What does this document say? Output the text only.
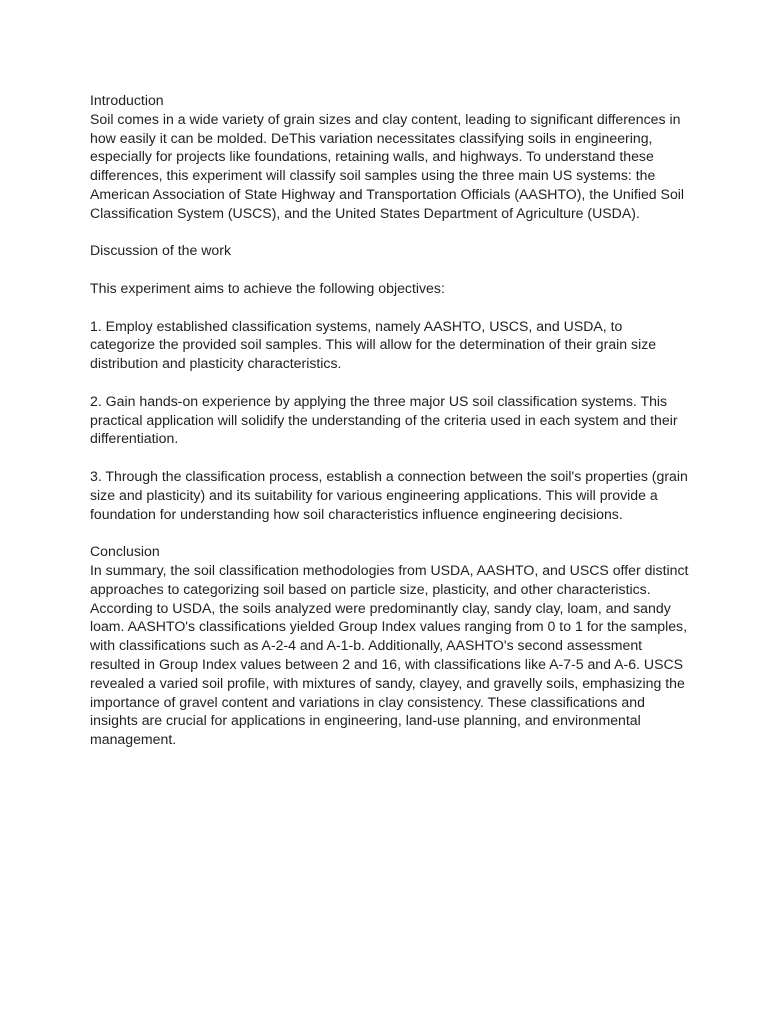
Introduction

Soil comes in a wide variety of grain sizes and clay content, leading to significant differences in how easily it can be molded. DeThis variation necessitates classifying soils in engineering, especially for projects like foundations, retaining walls, and highways. To understand these differences, this experiment will classify soil samples using the three main US systems: the American Association of State Highway and Transportation Officials (AASHTO), the Unified Soil Classification System (USCS), and the United States Department of Agriculture (USDA).

Discussion of the work

This experiment aims to achieve the following objectives:

1. Employ established classification systems, namely AASHTO, USCS, and USDA, to categorize the provided soil samples. This will allow for the determination of their grain size distribution and plasticity characteristics.

2. Gain hands-on experience by applying the three major US soil classification systems. This practical application will solidify the understanding of the criteria used in each system and their differentiation.

3. Through the classification process, establish a connection between the soil's properties (grain size and plasticity) and its suitability for various engineering applications. This will provide a foundation for understanding how soil characteristics influence engineering decisions.

Conclusion

In summary, the soil classification methodologies from USDA, AASHTO, and USCS offer distinct approaches to categorizing soil based on particle size, plasticity, and other characteristics. According to USDA, the soils analyzed were predominantly clay, sandy clay, loam, and sandy loam. AASHTO's classifications yielded Group Index values ranging from 0 to 1 for the samples, with classifications such as A-2-4 and A-1-b. Additionally, AASHTO's second assessment resulted in Group Index values between 2 and 16, with classifications like A-7-5 and A-6. USCS revealed a varied soil profile, with mixtures of sandy, clayey, and gravelly soils, emphasizing the importance of gravel content and variations in clay consistency. These classifications and insights are crucial for applications in engineering, land-use planning, and environmental management.
